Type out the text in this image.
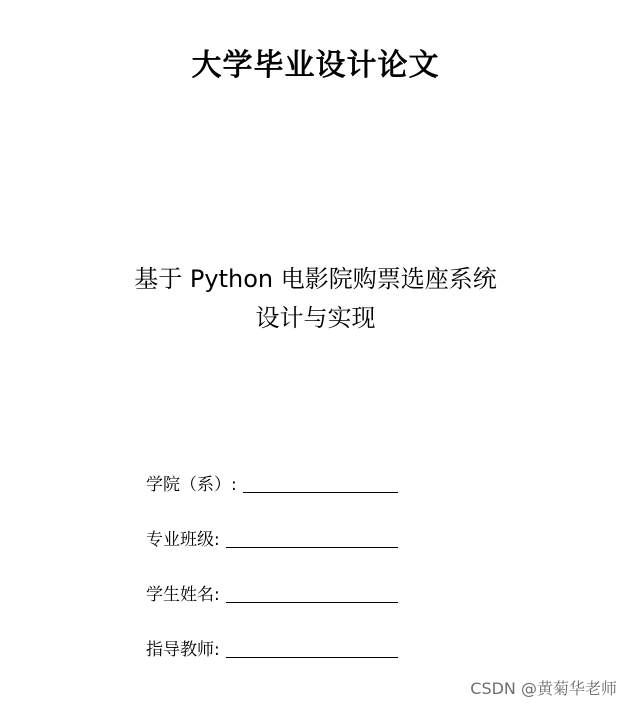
大学毕业设计论文
基于 Python 电影院购票选座系统
设计与实现
学院（系）:
专业班级:
学生姓名:
指导教师:
CSDN @黄菊华老师
